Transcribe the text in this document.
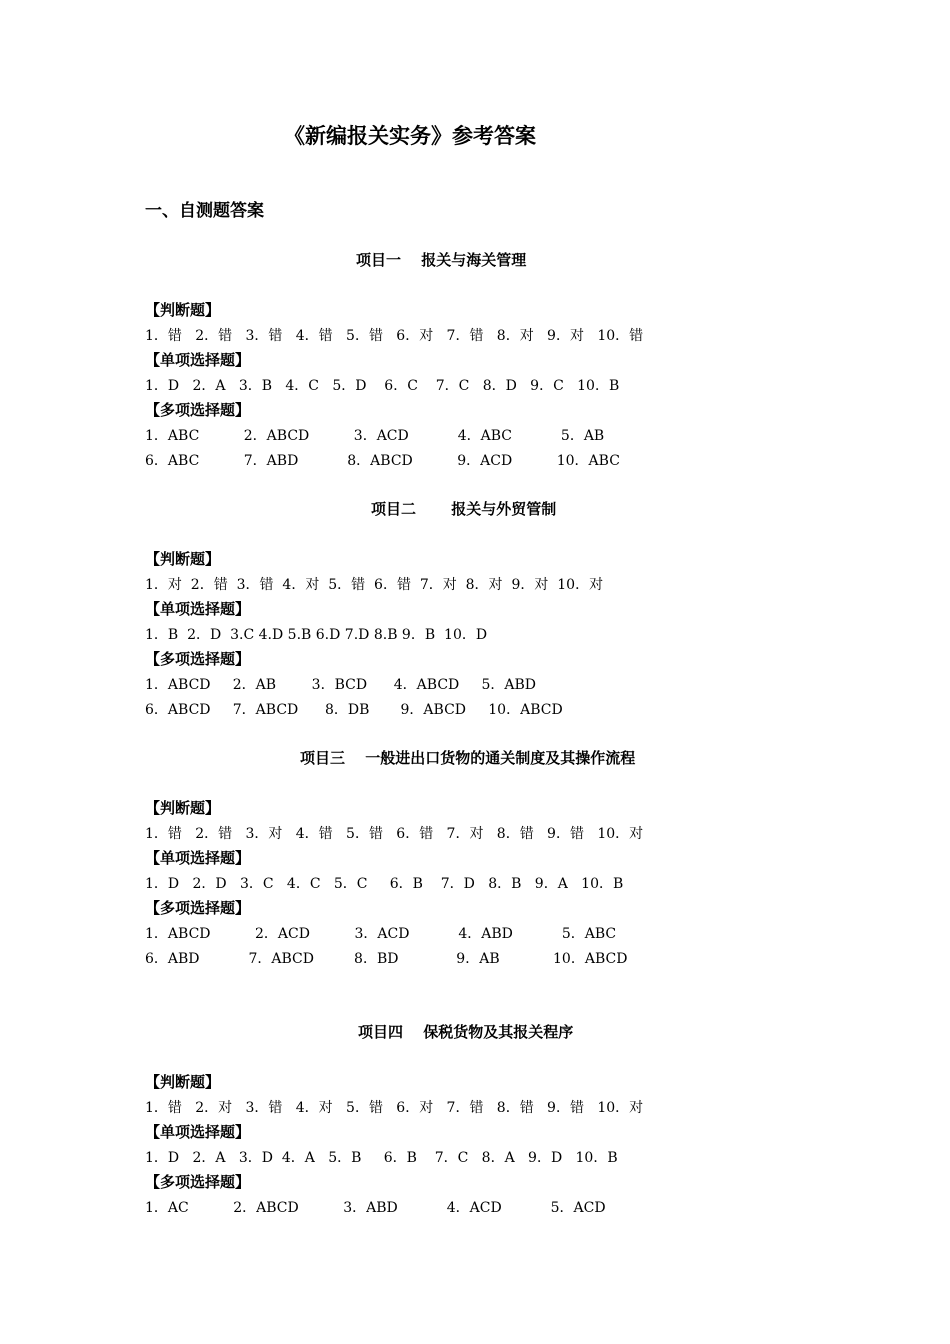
《新编报关实务》参考答案
一、自测题答案
项目一　 报关与海关管理
【判断题】
1．错   2．错   3．错   4．错   5．错   6．对   7．错   8．对   9．对   10．错
【单项选择题】
1．D   2．A   3．B   4．C   5．D    6．C    7．C   8．D   9．C   10．B
【多项选择题】
1．ABC          2．ABCD          3．ACD           4．ABC           5．AB
6．ABC          7．ABD           8．ABCD          9．ACD          10．ABC
项目二　　 报关与外贸管制
【判断题】
1．对  2．错  3．错  4．对  5．错  6．错  7．对  8．对  9．对  10．对
【单项选择题】
1．B  2．D  3.C 4.D 5.B 6.D 7.D 8.B 9．B  10．D
【多项选择题】
1．ABCD     2．AB        3．BCD      4．ABCD     5．ABD
6．ABCD     7．ABCD      8．DB       9．ABCD     10．ABCD
项目三　 一般进出口货物的通关制度及其操作流程
【判断题】
1．错   2．错   3．对   4．错   5．错   6．错   7．对   8．错   9．错   10．对
【单项选择题】
1．D   2．D   3．C   4．C   5．C     6．B    7．D   8．B   9．A   10．B
【多项选择题】
1．ABCD          2．ACD          3．ACD           4．ABD           5．ABC
6．ABD           7．ABCD         8．BD             9．AB            10．ABCD
项目四　 保税货物及其报关程序
【判断题】
1．错   2．对   3．错   4．对   5．错   6．对   7．错   8．错   9．错   10．对
【单项选择题】
1．D   2．A   3．D  4．A   5．B     6．B    7．C   8．A   9．D   10．B
【多项选择题】
1．AC          2．ABCD          3．ABD           4．ACD           5．ACD
